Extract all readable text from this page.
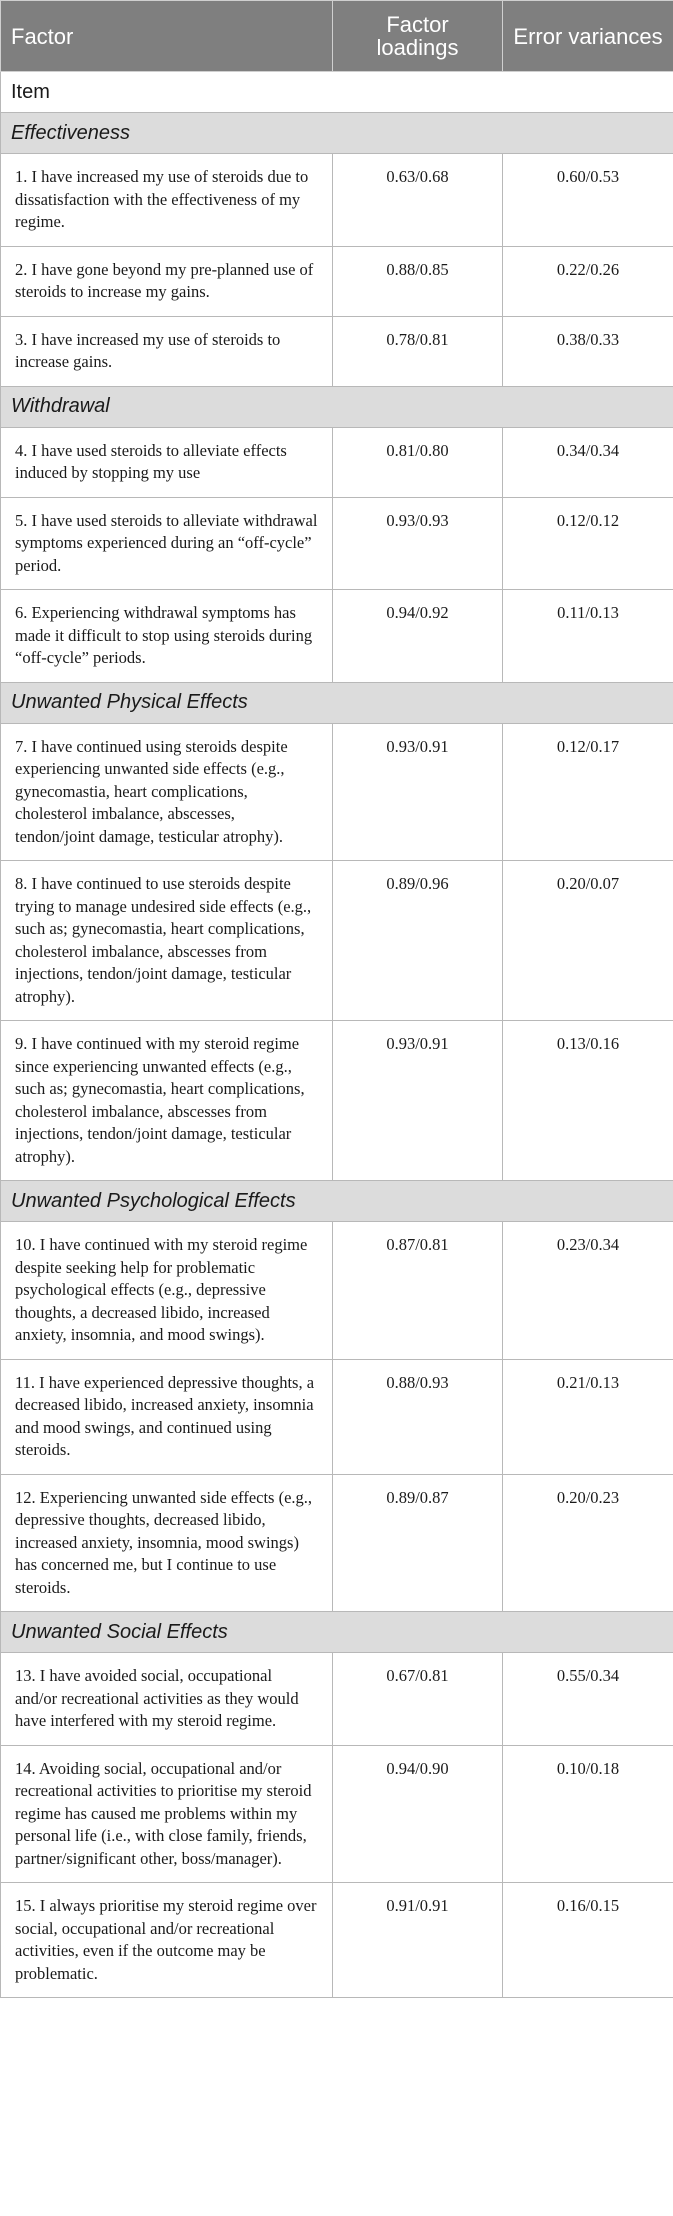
Factor	Factor loadings	Error variances
Item		
Effectiveness		
1. I have increased my use of steroids due to dissatisfaction with the effectiveness of my regime.	0.63/0.68	0.60/0.53
2. I have gone beyond my pre-planned use of steroids to increase my gains.	0.88/0.85	0.22/0.26
3. I have increased my use of steroids to increase gains.	0.78/0.81	0.38/0.33
Withdrawal		
4. I have used steroids to alleviate effects induced by stopping my use	0.81/0.80	0.34/0.34
5. I have used steroids to alleviate withdrawal symptoms experienced during an “off-cycle” period.	0.93/0.93	0.12/0.12
6. Experiencing withdrawal symptoms has made it difficult to stop using steroids during “off-cycle” periods.	0.94/0.92	0.11/0.13
Unwanted Physical Effects		
7. I have continued using steroids despite experiencing unwanted side effects (e.g., gynecomastia, heart complications, cholesterol imbalance, abscesses, tendon/joint damage, testicular atrophy).	0.93/0.91	0.12/0.17
8. I have continued to use steroids despite trying to manage undesired side effects (e.g., such as; gynecomastia, heart complications, cholesterol imbalance, abscesses from injections, tendon/joint damage, testicular atrophy).	0.89/0.96	0.20/0.07
9. I have continued with my steroid regime since experiencing unwanted effects (e.g., such as; gynecomastia, heart complications, cholesterol imbalance, abscesses from injections, tendon/joint damage, testicular atrophy).	0.93/0.91	0.13/0.16
Unwanted Psychological Effects		
10. I have continued with my steroid regime despite seeking help for problematic psychological effects (e.g., depressive thoughts, a decreased libido, increased anxiety, insomnia, and mood swings).	0.87/0.81	0.23/0.34
11. I have experienced depressive thoughts, a decreased libido, increased anxiety, insomnia and mood swings, and continued using steroids.	0.88/0.93	0.21/0.13
12. Experiencing unwanted side effects (e.g., depressive thoughts, decreased libido, increased anxiety, insomnia, mood swings) has concerned me, but I continue to use steroids.	0.89/0.87	0.20/0.23
Unwanted Social Effects		
13. I have avoided social, occupational and/or recreational activities as they would have interfered with my steroid regime.	0.67/0.81	0.55/0.34
14. Avoiding social, occupational and/or recreational activities to prioritise my steroid regime has caused me problems within my personal life (i.e., with close family, friends, partner/significant other, boss/manager).	0.94/0.90	0.10/0.18
15. I always prioritise my steroid regime over social, occupational and/or recreational activities, even if the outcome may be problematic.	0.91/0.91	0.16/0.15
